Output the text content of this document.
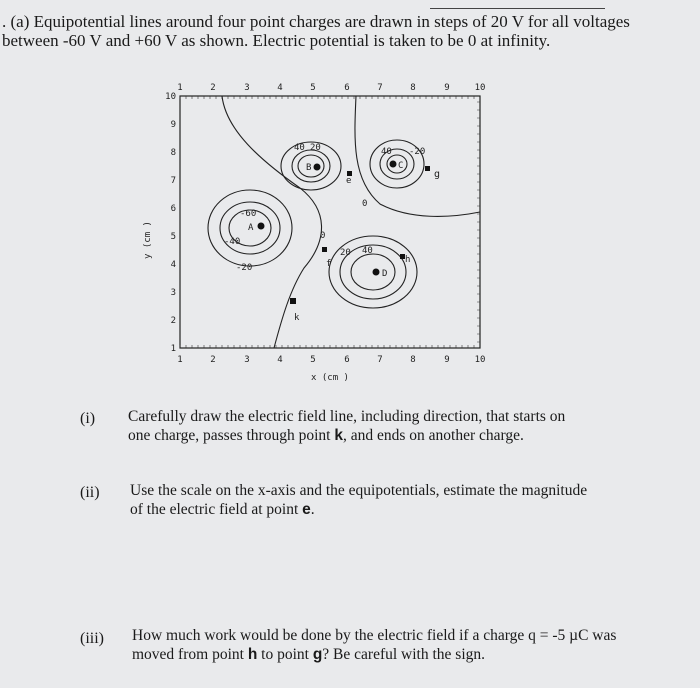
. (a) Equipotential lines around four point charges are drawn in steps of 20 V for all voltages between -60 V and +60 V as shown. Electric potential is taken to be 0 at infinity.
1	2	3	4	5	6	7	8	9	10
1	2	3	4	5	6	7	8	9	10
1
2
3
4
5
6
7
8
9
10
x (cm )
y (cm )
B	C
A
D
e
f
g
h
k
40 20	40 -20
-60
-40
-20
20 40
0
0
(i) Carefully draw the electric field line, including direction, that starts on one charge, passes through point k, and ends on another charge.
(ii) Use the scale on the x-axis and the equipotentials, estimate the magnitude of the electric field at point e.
(iii) How much work would be done by the electric field if a charge q = -5 µC was moved from point h to point g? Be careful with the sign.
